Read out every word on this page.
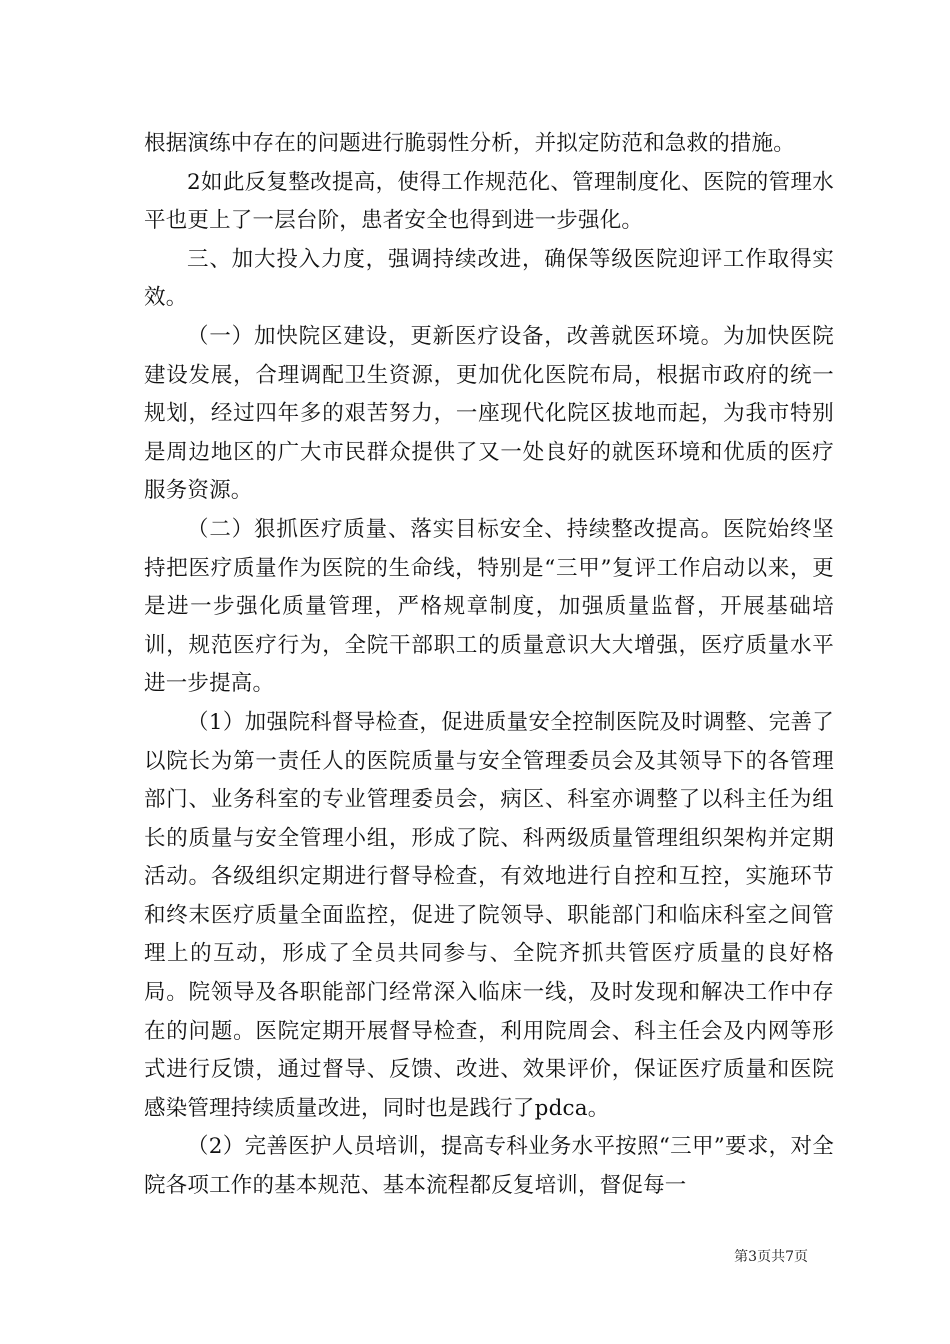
根据演练中存在的问题进行脆弱性分析，并拟定防范和急救的措施。

2如此反复整改提高，使得工作规范化、管理制度化、医院的管理水平也更上了一层台阶，患者安全也得到进一步强化。

三、加大投入力度，强调持续改进，确保等级医院迎评工作取得实效。

（一）加快院区建设，更新医疗设备，改善就医环境。为加快医院建设发展，合理调配卫生资源，更加优化医院布局，根据市政府的统一规划，经过四年多的艰苦努力，一座现代化院区拔地而起，为我市特别是周边地区的广大市民群众提供了又一处良好的就医环境和优质的医疗服务资源。

（二）狠抓医疗质量、落实目标安全、持续整改提高。医院始终坚持把医疗质量作为医院的生命线，特别是“三甲”复评工作启动以来，更是进一步强化质量管理，严格规章制度，加强质量监督，开展基础培训，规范医疗行为，全院干部职工的质量意识大大增强，医疗质量水平进一步提高。

（1）加强院科督导检查，促进质量安全控制医院及时调整、完善了以院长为第一责任人的医院质量与安全管理委员会及其领导下的各管理部门、业务科室的专业管理委员会，病区、科室亦调整了以科主任为组长的质量与安全管理小组，形成了院、科两级质量管理组织架构并定期活动。各级组织定期进行督导检查，有效地进行自控和互控，实施环节和终末医疗质量全面监控，促进了院领导、职能部门和临床科室之间管理上的互动，形成了全员共同参与、全院齐抓共管医疗质量的良好格局。院领导及各职能部门经常深入临床一线，及时发现和解决工作中存在的问题。医院定期开展督导检查，利用院周会、科主任会及内网等形式进行反馈，通过督导、反馈、改进、效果评价，保证医疗质量和医院感染管理持续质量改进，同时也是践行了pdca。

（2）完善医护人员培训，提高专科业务水平按照“三甲”要求，对全院各项工作的基本规范、基本流程都反复培训，督促每一

第3页共7页
